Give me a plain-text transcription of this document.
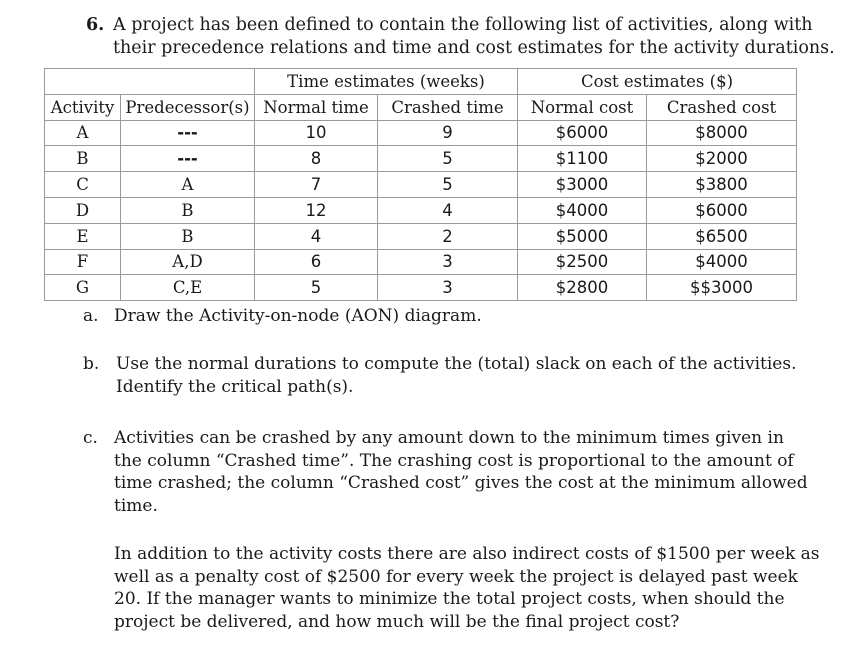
6. A project has been defined to contain the following list of activities, along with
their precedence relations and time and cost estimates for the activity durations.
		Time estimates (weeks)		Cost estimates ($)	
Activity	Predecessor(s)	Normal time	Crashed time	Normal cost	Crashed cost
A	---	10	9	$6000	$8000
B	---	8	5	$1100	$2000
C	A	7	5	$3000	$3800
D	B	12	4	$4000	$6000
E	B	4	2	$5000	$6500
F	A,D	6	3	$2500	$4000
G	C,E	5	3	$2800	$$3000
a. Draw the Activity-on-node (AON) diagram.
b. Use the normal durations to compute the (total) slack on each of the activities.
Identify the critical path(s).
c. Activities can be crashed by any amount down to the minimum times given in
the column “Crashed time”. The crashing cost is proportional to the amount of
time crashed; the column “Crashed cost” gives the cost at the minimum allowed
time.
In addition to the activity costs there are also indirect costs of $1500 per week as
well as a penalty cost of $2500 for every week the project is delayed past week
20. If the manager wants to minimize the total project costs, when should the
project be delivered, and how much will be the final project cost?
